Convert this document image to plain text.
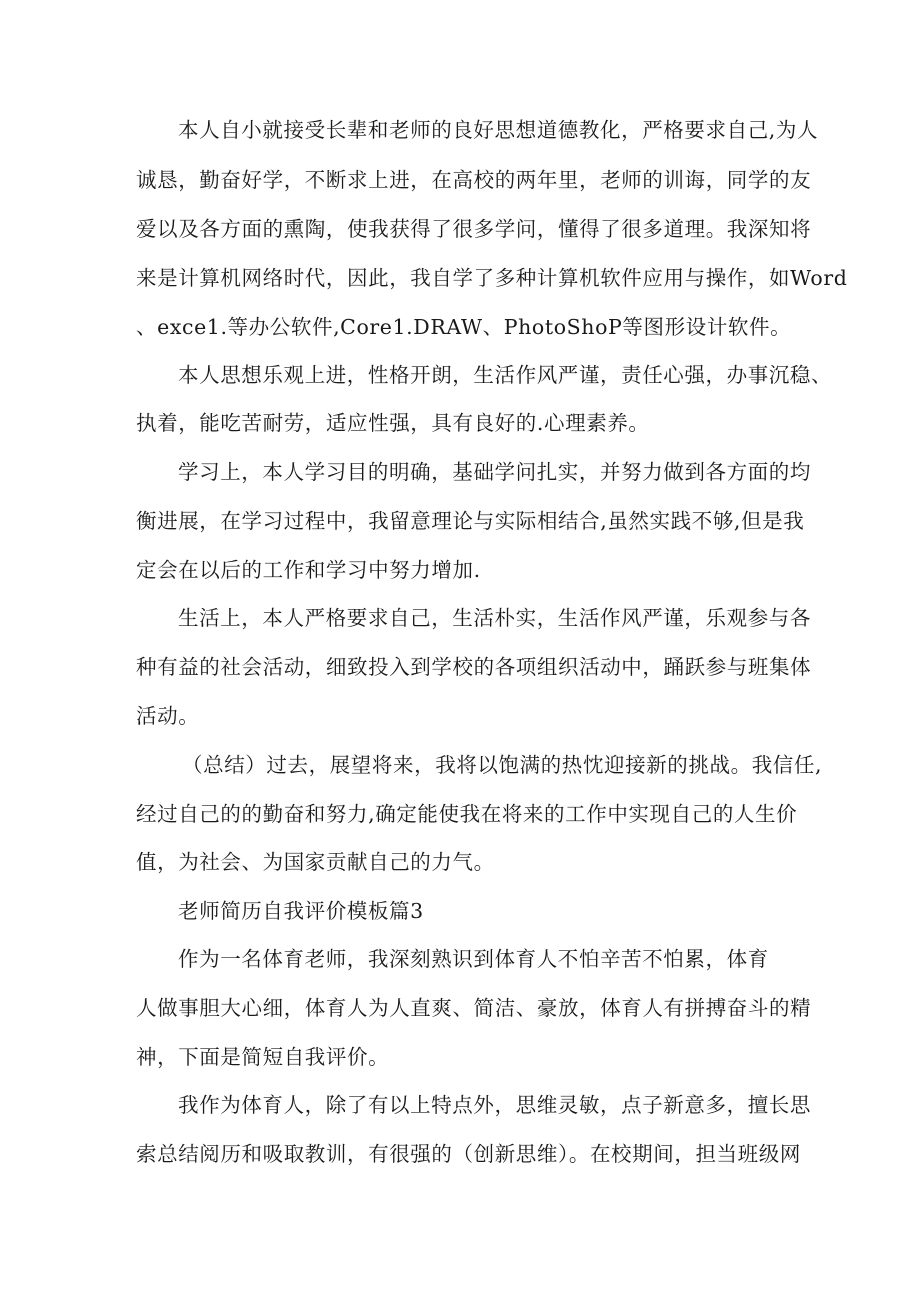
本人自小就接受长辈和老师的良好思想道德教化，严格要求自己,为人
诚恳，勤奋好学，不断求上进，在高校的两年里，老师的训诲，同学的友
爱以及各方面的熏陶，使我获得了很多学问，懂得了很多道理。我深知将
来是计算机网络时代，因此，我自学了多种计算机软件应用与操作，如Word
、exce1.等办公软件,Core1.DRAW、PhotoShoP等图形设计软件。
本人思想乐观上进，性格开朗，生活作风严谨，责任心强，办事沉稳、
执着，能吃苦耐劳，适应性强，具有良好的.心理素养。
学习上，本人学习目的明确，基础学问扎实，并努力做到各方面的均
衡进展，在学习过程中，我留意理论与实际相结合,虽然实践不够,但是我
定会在以后的工作和学习中努力增加.
生活上，本人严格要求自己，生活朴实，生活作风严谨，乐观参与各
种有益的社会活动，细致投入到学校的各项组织活动中，踊跃参与班集体
活动。
（总结）过去，展望将来，我将以饱满的热忱迎接新的挑战。我信任,
经过自己的的勤奋和努力,确定能使我在将来的工作中实现自己的人生价
值，为社会、为国家贡献自己的力气。
老师简历自我评价模板篇3
作为一名体育老师，我深刻熟识到体育人不怕辛苦不怕累，体育
人做事胆大心细，体育人为人直爽、简洁、豪放，体育人有拼搏奋斗的精
神，下面是简短自我评价。
我作为体育人，除了有以上特点外，思维灵敏，点子新意多，擅长思
索总结阅历和吸取教训，有很强的（创新思维）。在校期间，担当班级网
